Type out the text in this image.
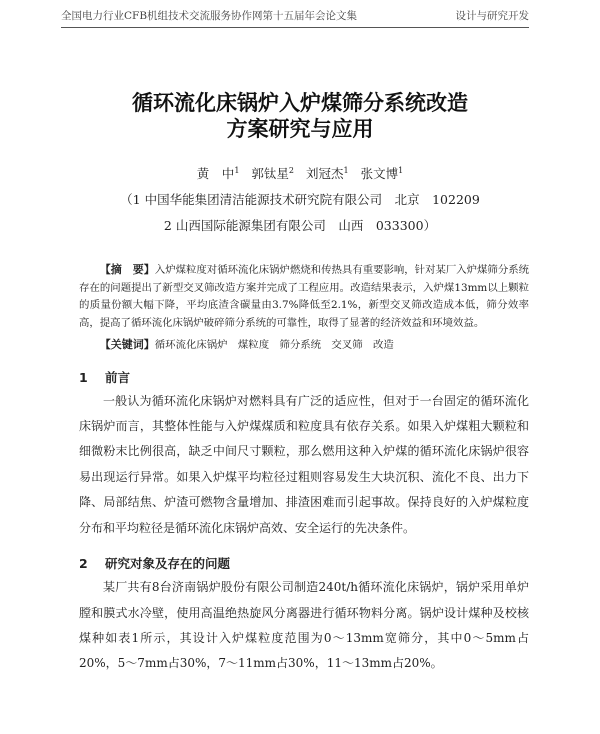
全国电力行业CFB机组技术交流服务协作网第十五届年会论文集	设计与研究开发
循环流化床锅炉入炉煤筛分系统改造
方案研究与应用
黄　中$^1$ 郭钛星$^2$ 刘冠杰$^1$ 张文博$^1$
（1 中国华能集团清洁能源技术研究院有限公司　北京　102209
2 山西国际能源集团有限公司　山西　033300）
【摘　要】入炉煤粒度对循环流化床锅炉燃烧和传热具有重要影响，针对某厂入炉煤筛分系统存在的问题提出了新型交叉筛改造方案并完成了工程应用。改造结果表示，入炉煤13mm以上颗粒的质量份额大幅下降，平均底渣含碳量由3.7%降低至2.1%，新型交叉筛改造成本低，筛分效率高，提高了循环流化床锅炉破碎筛分系统的可靠性，取得了显著的经济效益和环境效益。
【关键词】循环流化床锅炉　煤粒度　筛分系统　交叉筛　改造
1 前言
一般认为循环流化床锅炉对燃料具有广泛的适应性，但对于一台固定的循环流化床锅炉而言，其整体性能与入炉煤煤质和粒度具有依存关系。如果入炉煤粗大颗粒和细微粉末比例很高，缺乏中间尺寸颗粒，那么燃用这种入炉煤的循环流化床锅炉很容易出现运行异常。如果入炉煤平均粒径过粗则容易发生大块沉积、流化不良、出力下降、局部结焦、炉渣可燃物含量增加、排渣困难而引起事故。保持良好的入炉煤粒度分布和平均粒径是循环流化床锅炉高效、安全运行的先决条件。
2 研究对象及存在的问题
某厂共有8台济南锅炉股份有限公司制造240t/h循环流化床锅炉，锅炉采用单炉膛和膜式水冷壁，使用高温绝热旋风分离器进行循环物料分离。锅炉设计煤种及校核煤种如表1所示，其设计入炉煤粒度范围为0～13mm宽筛分，其中0～5mm占20%，5～7mm占30%，7～11mm占30%，11～13mm占20%。
